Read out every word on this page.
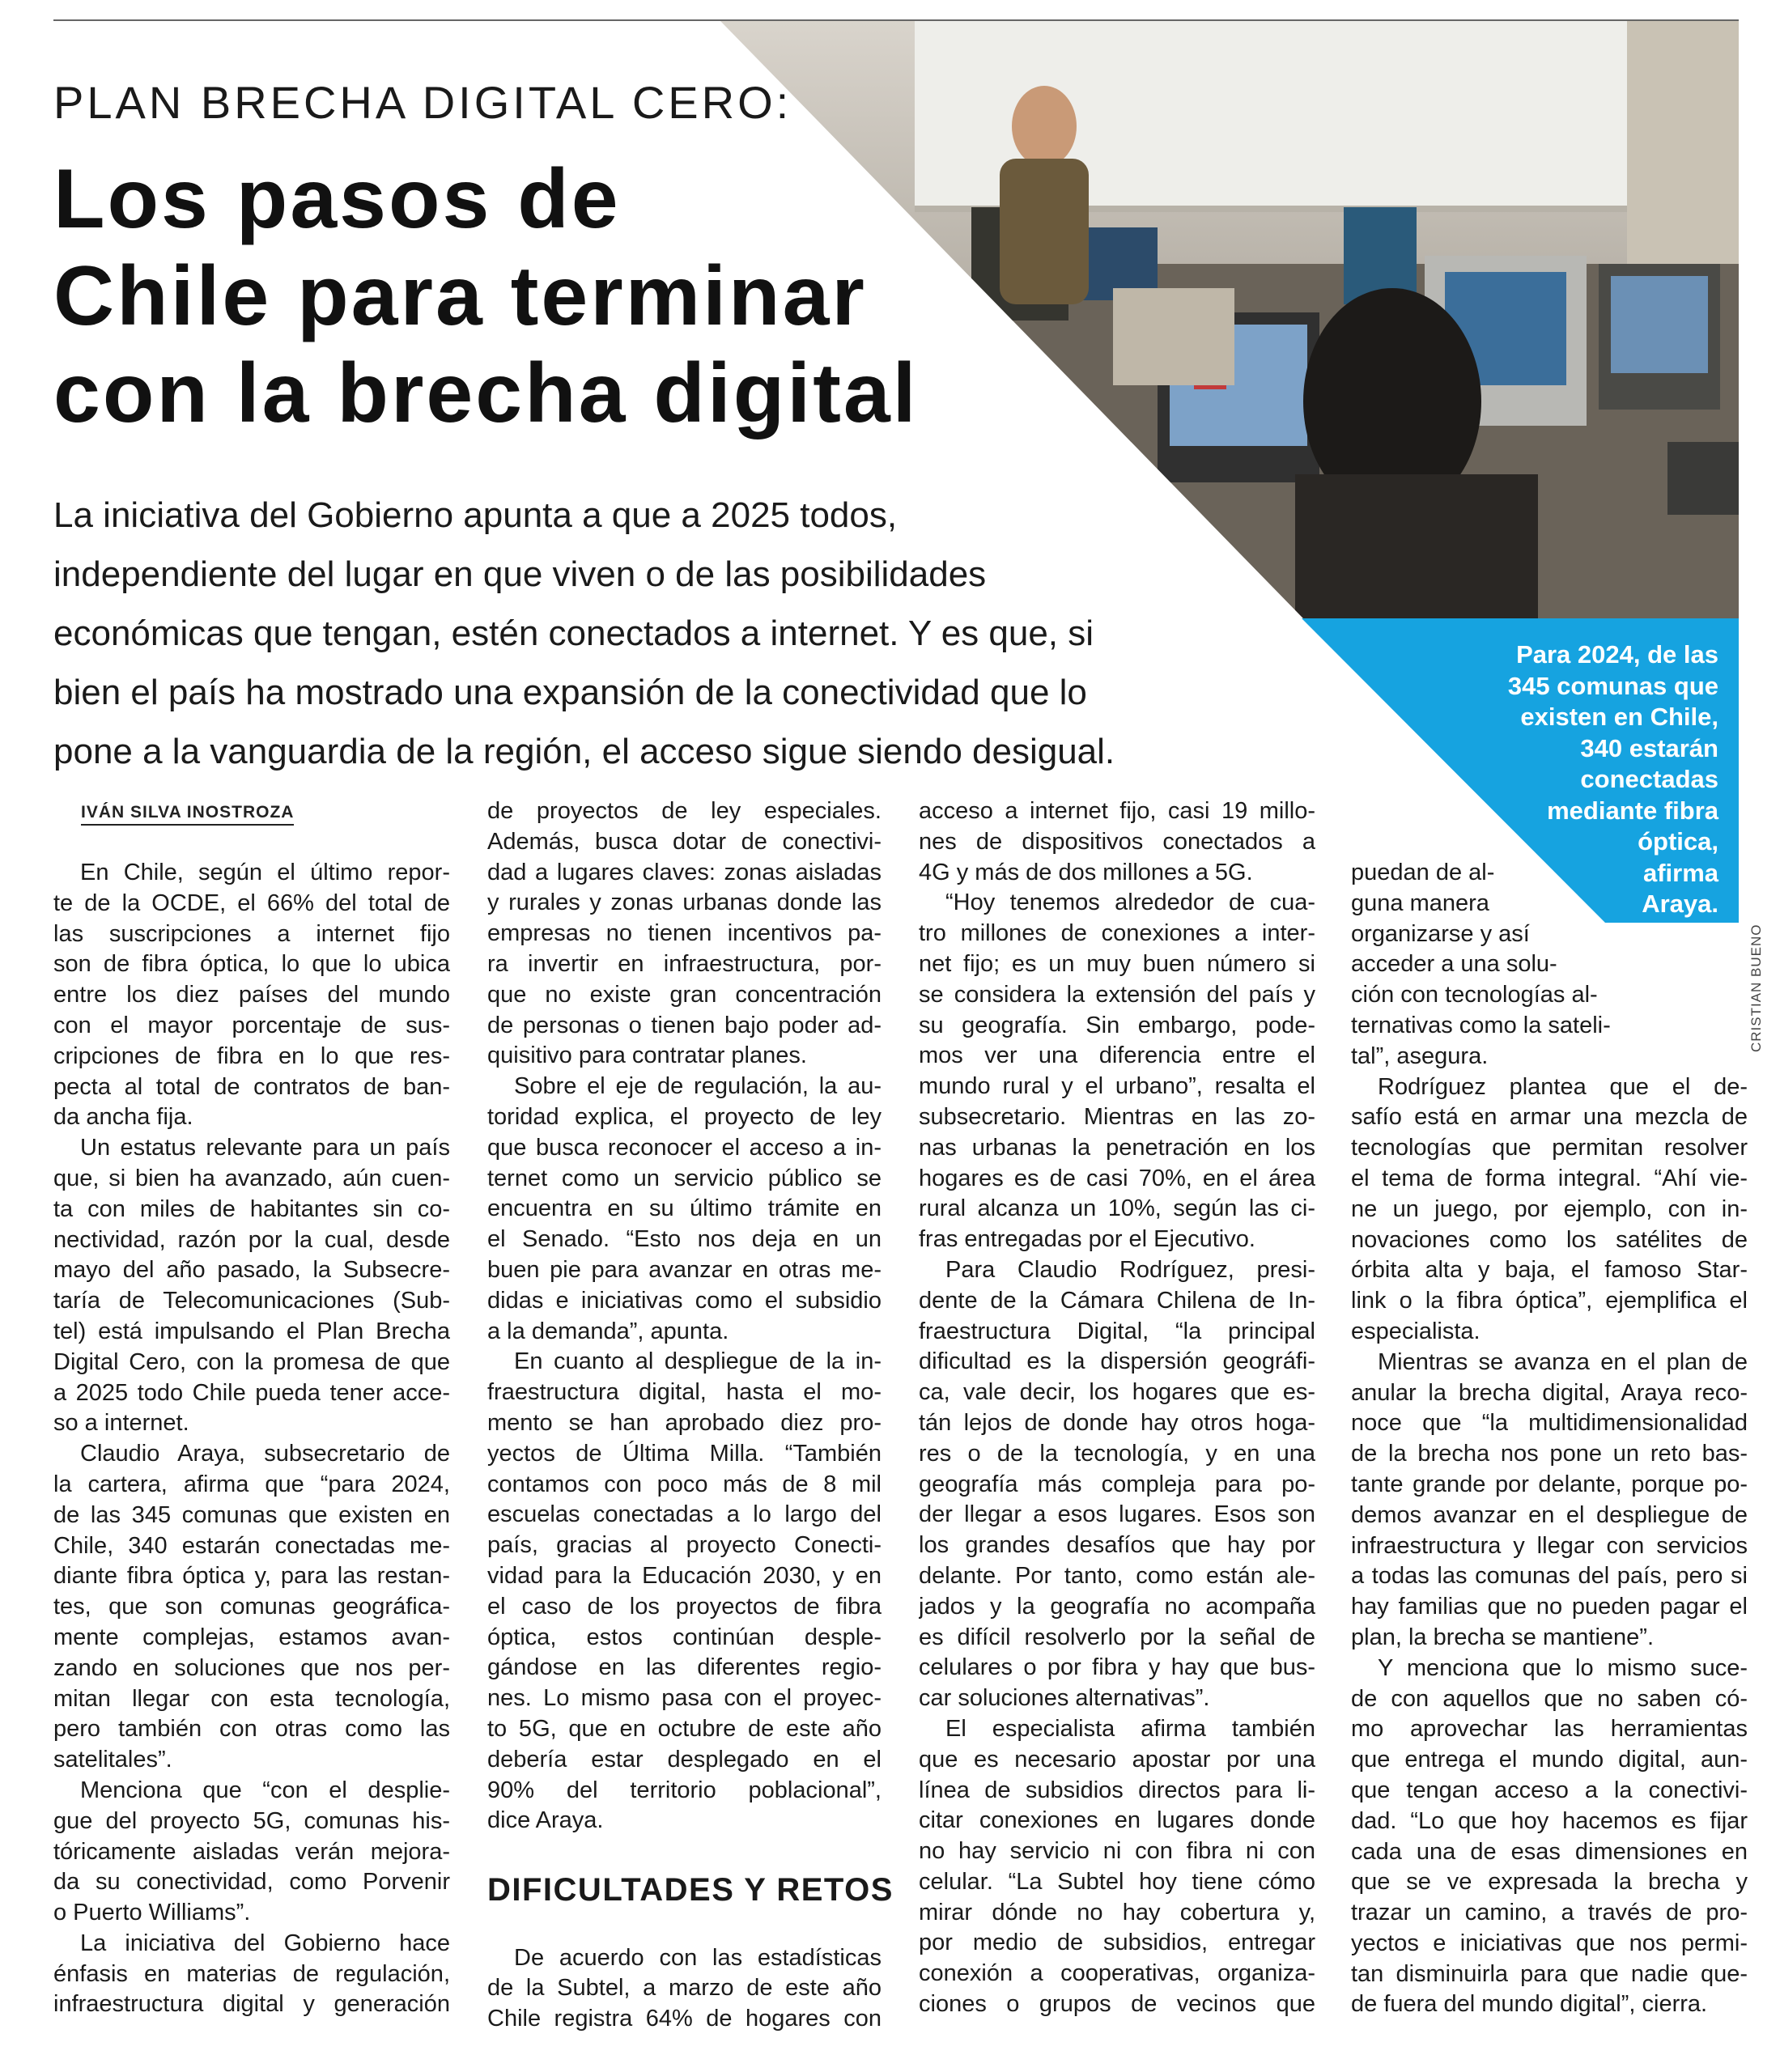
PLAN BRECHA DIGITAL CERO:
Los pasos de
Chile para terminar
con la brecha digital

La iniciativa del Gobierno apunta a que a 2025 todos,
independiente del lugar en que viven o de las posibilidades
económicas que tengan, estén conectados a internet. Y es que, si
bien el país ha mostrado una expansión de la conectividad que lo
pone a la vanguardia de la región, el acceso sigue siendo desigual.

Para 2024, de las
345 comunas que
existen en Chile,
340 estarán
conectadas
mediante fibra
óptica,
afirma
Araya.
CRISTIAN BUENO
IVÁN SILVA INOSTROZA
En Chile, según el último repor-
te de la OCDE, el 66% del total de
las suscripciones a internet fijo
son de fibra óptica, lo que lo ubica
entre los diez países del mundo
con el mayor porcentaje de sus-
cripciones de fibra en lo que res-
pecta al total de contratos de ban-
da ancha fija.
Un estatus relevante para un país
que, si bien ha avanzado, aún cuen-
ta con miles de habitantes sin co-
nectividad, razón por la cual, desde
mayo del año pasado, la Subsecre-
taría de Telecomunicaciones (Sub-
tel) está impulsando el Plan Brecha
Digital Cero, con la promesa de que
a 2025 todo Chile pueda tener acce-
so a internet.
Claudio Araya, subsecretario de
la cartera, afirma que “para 2024,
de las 345 comunas que existen en
Chile, 340 estarán conectadas me-
diante fibra óptica y, para las restan-
tes, que son comunas geográfica-
mente complejas, estamos avan-
zando en soluciones que nos per-
mitan llegar con esta tecnología,
pero también con otras como las
satelitales”.
Menciona que “con el desplie-
gue del proyecto 5G, comunas his-
tóricamente aisladas verán mejora-
da su conectividad, como Porvenir
o Puerto Williams”.
La iniciativa del Gobierno hace
énfasis en materias de regulación,
infraestructura digital y generación
de proyectos de ley especiales.
Además, busca dotar de conectivi-
dad a lugares claves: zonas aisladas
y rurales y zonas urbanas donde las
empresas no tienen incentivos pa-
ra invertir en infraestructura, por-
que no existe gran concentración
de personas o tienen bajo poder ad-
quisitivo para contratar planes.
Sobre el eje de regulación, la au-
toridad explica, el proyecto de ley
que busca reconocer el acceso a in-
ternet como un servicio público se
encuentra en su último trámite en
el Senado. “Esto nos deja en un
buen pie para avanzar en otras me-
didas e iniciativas como el subsidio
a la demanda”, apunta.
En cuanto al despliegue de la in-
fraestructura digital, hasta el mo-
mento se han aprobado diez pro-
yectos de Última Milla. “También
contamos con poco más de 8 mil
escuelas conectadas a lo largo del
país, gracias al proyecto Conecti-
vidad para la Educación 2030, y en
el caso de los proyectos de fibra
óptica, estos continúan desple-
gándose en las diferentes regio-
nes. Lo mismo pasa con el proyec-
to 5G, que en octubre de este año
debería estar desplegado en el
90% del territorio poblacional”,
dice Araya.
DIFICULTADES Y RETOS
De acuerdo con las estadísticas
de la Subtel, a marzo de este año
Chile registra 64% de hogares con
acceso a internet fijo, casi 19 millo-
nes de dispositivos conectados a
4G y más de dos millones a 5G.
“Hoy tenemos alrededor de cua-
tro millones de conexiones a inter-
net fijo; es un muy buen número si
se considera la extensión del país y
su geografía. Sin embargo, pode-
mos ver una diferencia entre el
mundo rural y el urbano”, resalta el
subsecretario. Mientras en las zo-
nas urbanas la penetración en los
hogares es de casi 70%, en el área
rural alcanza un 10%, según las ci-
fras entregadas por el Ejecutivo.
Para Claudio Rodríguez, presi-
dente de la Cámara Chilena de In-
fraestructura Digital, “la principal
dificultad es la dispersión geográfi-
ca, vale decir, los hogares que es-
tán lejos de donde hay otros hoga-
res o de la tecnología, y en una
geografía más compleja para po-
der llegar a esos lugares. Esos son
los grandes desafíos que hay por
delante. Por tanto, como están ale-
jados y la geografía no acompaña
es difícil resolverlo por la señal de
celulares o por fibra y hay que bus-
car soluciones alternativas”.
El especialista afirma también
que es necesario apostar por una
línea de subsidios directos para li-
citar conexiones en lugares donde
no hay servicio ni con fibra ni con
celular. “La Subtel hoy tiene cómo
mirar dónde no hay cobertura y,
por medio de subsidios, entregar
conexión a cooperativas, organiza-
ciones o grupos de vecinos que
puedan de al-
guna manera
organizarse y así
acceder a una solu-
ción con tecnologías al-
ternativas como la sateli-
tal”, asegura.
Rodríguez plantea que el de-
safío está en armar una mezcla de
tecnologías que permitan resolver
el tema de forma integral. “Ahí vie-
ne un juego, por ejemplo, con in-
novaciones como los satélites de
órbita alta y baja, el famoso Star-
link o la fibra óptica”, ejemplifica el
especialista.
Mientras se avanza en el plan de
anular la brecha digital, Araya reco-
noce que “la multidimensionalidad
de la brecha nos pone un reto bas-
tante grande por delante, porque po-
demos avanzar en el despliegue de
infraestructura y llegar con servicios
a todas las comunas del país, pero si
hay familias que no pueden pagar el
plan, la brecha se mantiene”.
Y menciona que lo mismo suce-
de con aquellos que no saben có-
mo aprovechar las herramientas
que entrega el mundo digital, aun-
que tengan acceso a la conectivi-
dad. “Lo que hoy hacemos es fijar
cada una de esas dimensiones en
que se ve expresada la brecha y
trazar un camino, a través de pro-
yectos e iniciativas que nos permi-
tan disminuirla para que nadie que-
de fuera del mundo digital”, cierra.
